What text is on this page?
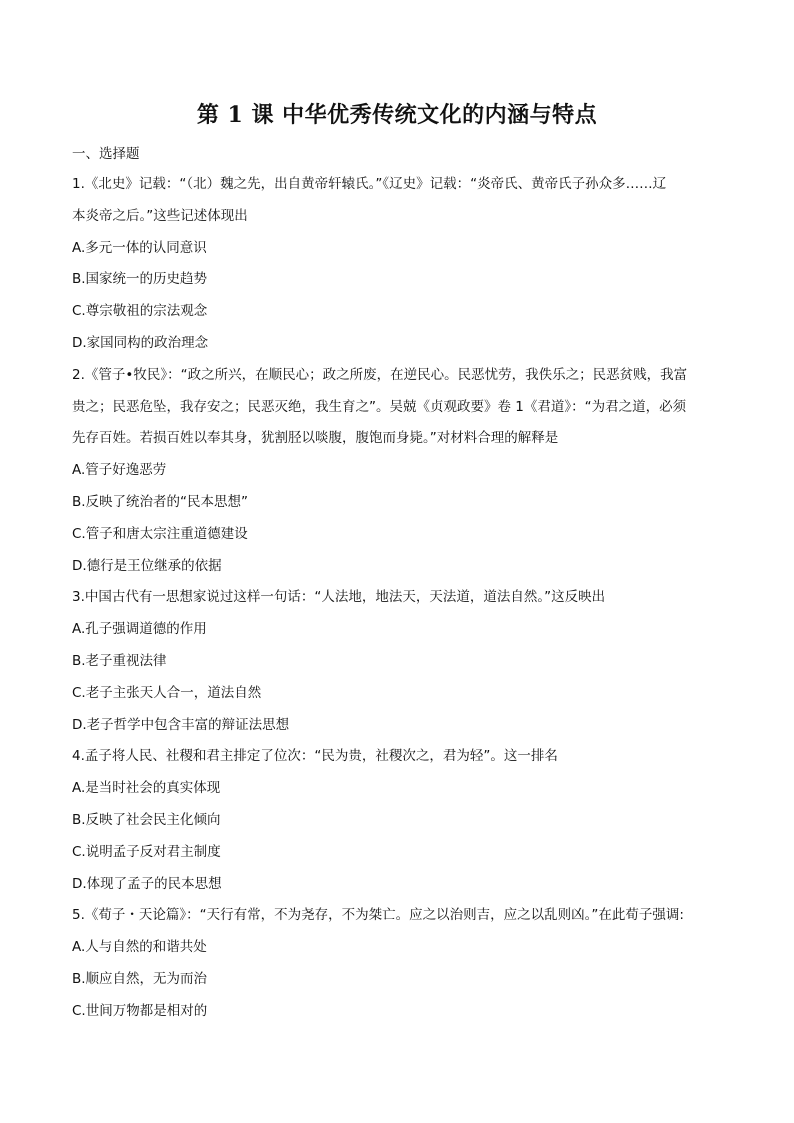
第 1 课 中华优秀传统文化的内涵与特点
一、选择题
1.《北史》记载：“（北）魏之先，出自黄帝轩辕氏。”《辽史》记载：“炎帝氏、黄帝氏子孙众多……辽
本炎帝之后。”这些记述体现出
A.多元一体的认同意识
B.国家统一的历史趋势
C.尊宗敬祖的宗法观念
D.家国同构的政治理念
2.《管子•牧民》：“政之所兴，在顺民心；政之所废，在逆民心。民恶忧劳，我佚乐之；民恶贫贱，我富
贵之；民恶危坠，我存安之；民恶灭绝，我生育之”。吴兢《贞观政要》卷 1《君道》：“为君之道，必须
先存百姓。若损百姓以奉其身，犹割胫以啖腹，腹饱而身毙。”对材料合理的解释是
A.管子好逸恶劳
B.反映了统治者的“民本思想”
C.管子和唐太宗注重道德建设
D.德行是王位继承的依据
3.中国古代有一思想家说过这样一句话：“人法地，地法天，天法道，道法自然。”这反映出
A.孔子强调道德的作用
B.老子重视法律
C.老子主张天人合一，道法自然
D.老子哲学中包含丰富的辩证法思想
4.孟子将人民、社稷和君主排定了位次：“民为贵，社稷次之，君为轻”。这一排名
A.是当时社会的真实体现
B.反映了社会民主化倾向
C.说明孟子反对君主制度
D.体现了孟子的民本思想
5.《荀子・天论篇》：“天行有常，不为尧存，不为桀亡。应之以治则吉，应之以乱则凶。”在此荀子强调:
A.人与自然的和谐共处
B.顺应自然，无为而治
C.世间万物都是相对的
